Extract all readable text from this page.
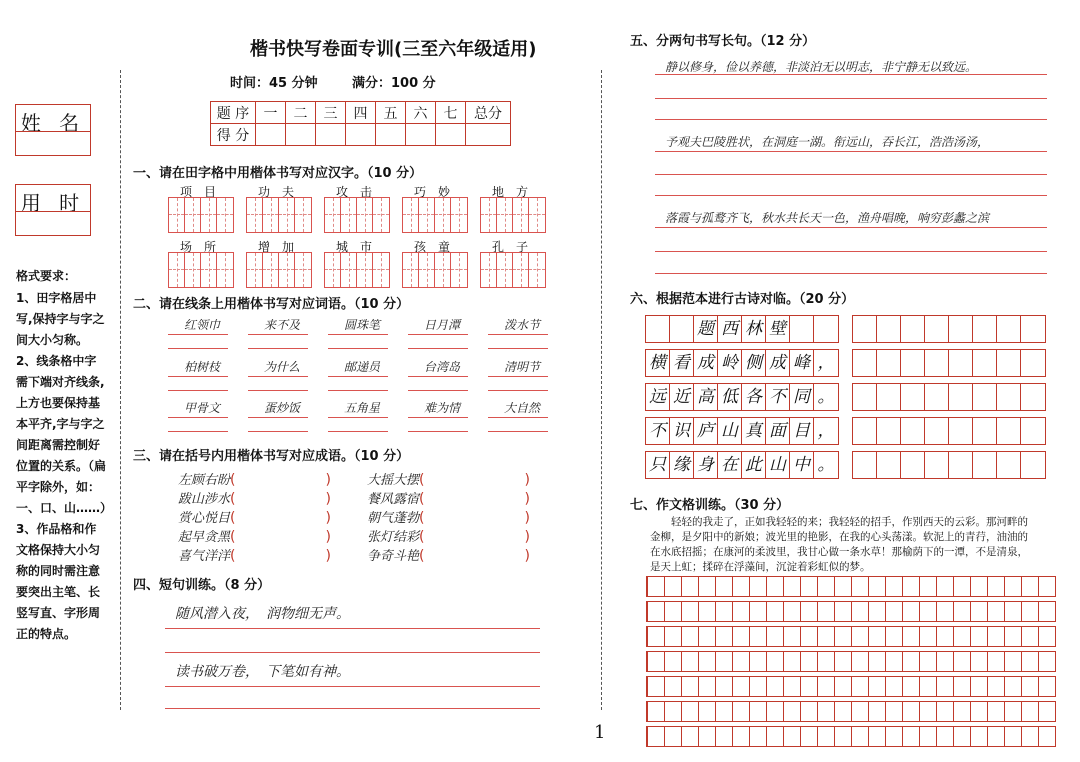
楷书快写卷面专训(三至六年级适用)
时间：45 分钟	满分：100 分
姓 名
用 时
格式要求：
1、田字格居中写,保持字与字之间大小匀称。
2、线条格中字需下端对齐线条,上方也要保持基本平齐,字与字之间距离需控制好位置的关系。（扁平字除外，如：一、口、山……）
3、作品格和作文格保持大小匀称的同时需注意要突出主笔、长竖写直、字形周正的特点。
题 序	一	二	三	四	五	六	七	总分
得 分								
一、请在田字格中用楷体书写对应汉字。（10 分）
项　目	功　夫	攻　击	巧　妙	地　方
场　所	增　加	城　市	孩　童	孔　子
二、请在线条上用楷体书写对应词语。（10 分）
红领巾	来不及	圆珠笔	日月潭	泼水节
柏树枝	为什么	邮递员	台湾岛	清明节
甲骨文	蛋炒饭	五角星	难为情	大自然
三、请在括号内用楷体书写对应成语。（10 分）
左顾右盼(	)	大摇大摆(	)
跋山涉水(	)	餐风露宿(	)
赏心悦目(	)	朝气蓬勃(	)
起早贪黑(	)	张灯结彩(	)
喜气洋洋(	)	争奇斗艳(	)
四、短句训练。（8 分）
随风潜入夜，　润物细无声。
读书破万卷，　下笔如有神。
五、分两句书写长句。（12 分）
静以修身，俭以养德，非淡泊无以明志，非宁静无以致远。
予观夫巴陵胜状，在洞庭一湖。衔远山，吞长江，浩浩汤汤，
落霞与孤鹜齐飞，秋水共长天一色，渔舟唱晚，响穷彭蠡之滨
六、根据范本进行古诗对临。（20 分）
题 西 林 壁
横 看 成 岭 侧 成 峰 ，
远 近 高 低 各 不 同 。
不 识 庐 山 真 面 目 ，
只 缘 身 在 此 山 中 。
七、作文格训练。（30 分）
轻轻的我走了，正如我轻轻的来；我轻轻的招手，作别西天的云彩。那河畔的金柳，是夕阳中的新娘；波光里的艳影，在我的心头荡漾。软泥上的青荇，油油的在水底招摇；在康河的柔波里，我甘心做一条水草！那榆荫下的一潭，不是清泉，是天上虹；揉碎在浮藻间，沉淀着彩虹似的梦。
1
